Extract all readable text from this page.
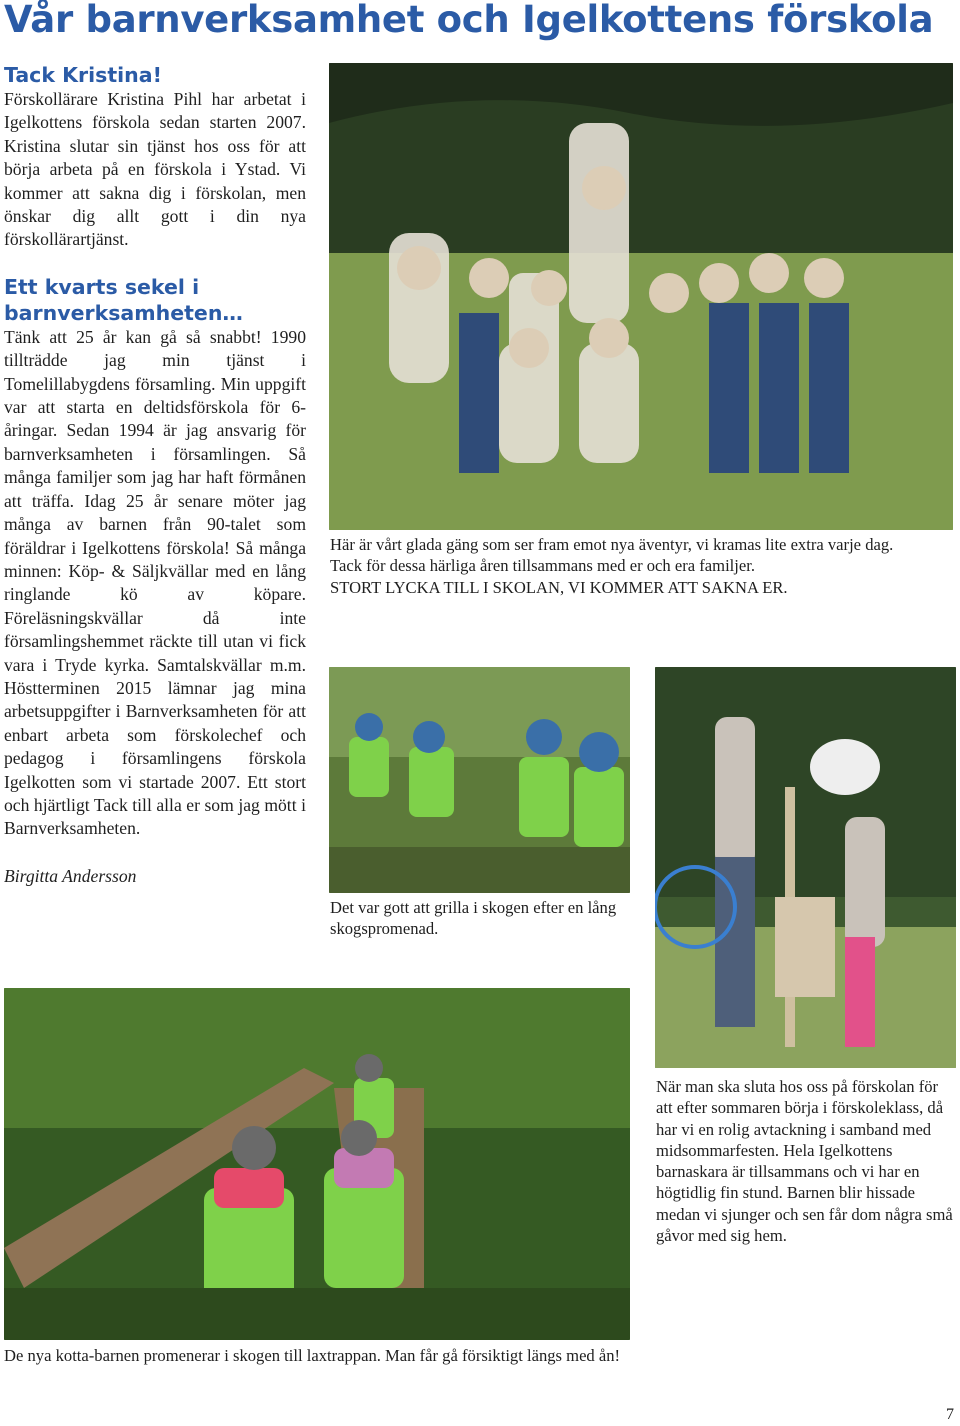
Vår barnverksamhet och Igelkottens förskola
Tack Kristina!

Förskollärare Kristina Pihl har arbetat i Igelkottens förskola sedan starten 2007. Kristina slutar sin tjänst hos oss för att börja arbeta på en förskola i Ystad. Vi kommer att sakna dig i förskolan, men önskar dig allt gott i din nya förskollärartjänst.

Ett kvarts sekel i barnverksamheten…

Tänk att 25 år kan gå så snabbt! 1990 tillträdde jag min tjänst i Tomelillabygdens församling. Min uppgift var att starta en deltidsförskola för 6-åringar. Sedan 1994 är jag ansvarig för barnverksamheten i församlingen. Så många familjer som jag har haft förmånen att träffa. Idag 25 år senare möter jag många av barnen från 90-talet som föräldrar i Igelkottens förskola! Så många minnen: Köp- & Säljkvällar med en lång ringlande kö av köpare. Föreläsningskvällar då inte församlingshemmet räckte till utan vi fick vara i Tryde kyrka. Samtalskvällar m.m. Höstterminen 2015 lämnar jag mina arbetsuppgifter i Barnverksamheten för att enbart arbeta som förskolechef och pedagog i församlingens förskola Igelkotten som vi startade 2007. Ett stort och hjärtligt Tack till alla er som jag mött i Barnverksamheten.

Birgitta Andersson

Här är vårt glada gäng som ser fram emot nya äventyr, vi kramas lite extra varje dag.
Tack för dessa härliga åren tillsammans med er och era familjer.
STORT LYCKA TILL I SKOLAN, VI KOMMER ATT SAKNA ER.

Det var gott att grilla i skogen efter en lång skogspromenad.

När man ska sluta hos oss på förskolan för att efter sommaren börja i förskoleklass, då har vi en rolig avtackning i samband med midsommarfesten. Hela Igelkottens barnaskara är tillsammans och vi har en högtidlig fin stund. Barnen blir hissade medan vi sjunger och sen får dom några små gåvor med sig hem.

De nya kotta-barnen promenerar i skogen till laxtrappan. Man får gå försiktigt längs med ån!

7
